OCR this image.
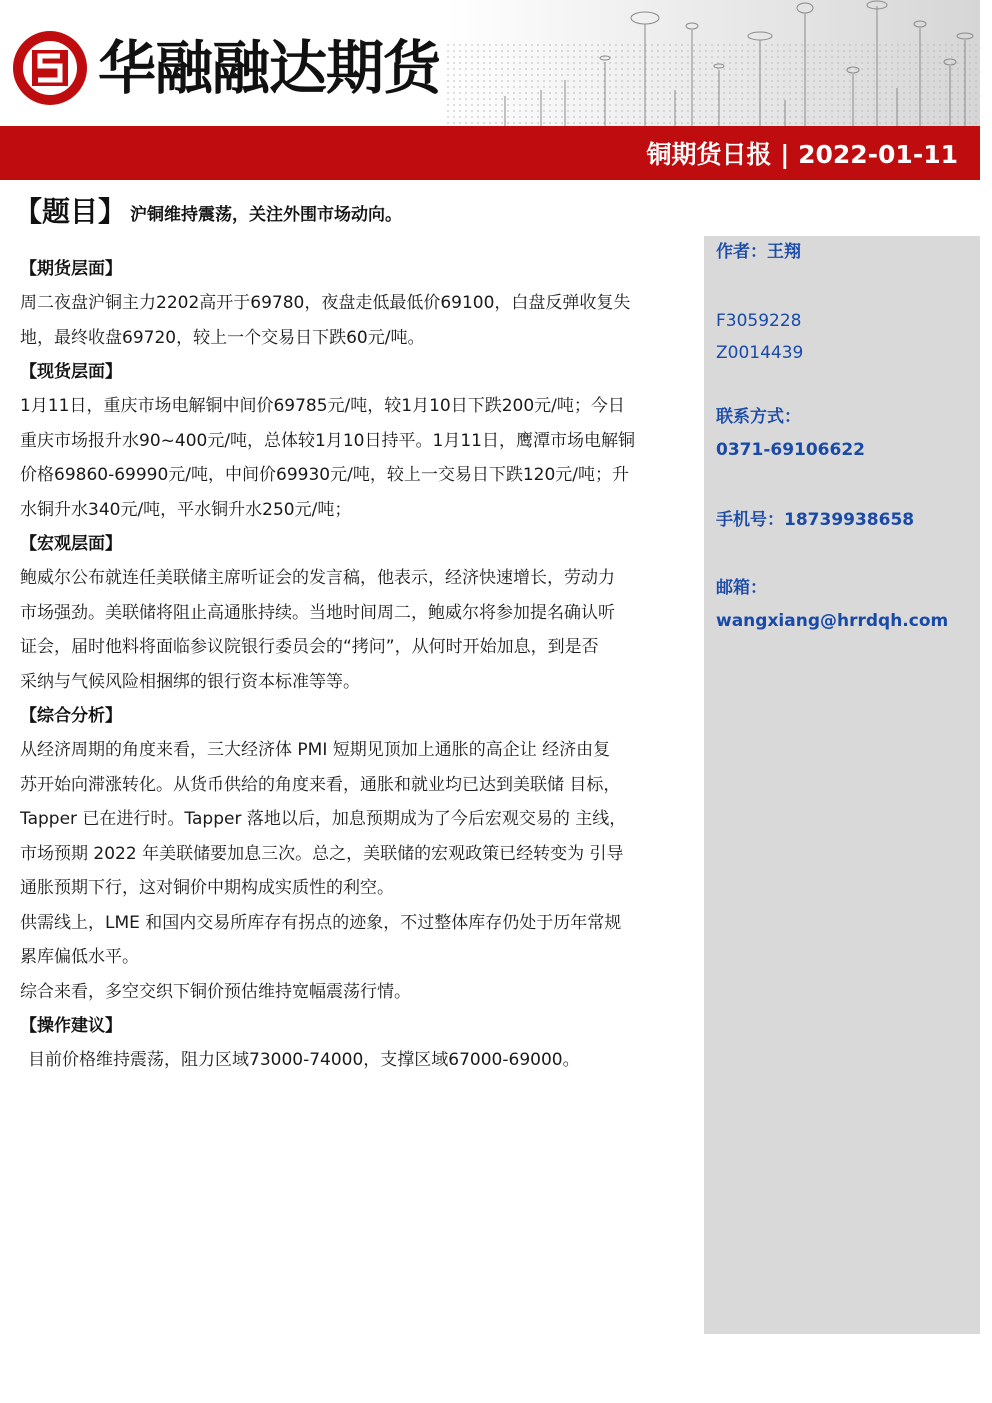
华融融达期货
铜期货日报 | 2022-01-11
【题目】 沪铜维持震荡，关注外围市场动向。
【期货层面】

周二夜盘沪铜主力2202高开于69780，夜盘走低最低价69100，白盘反弹收复失

地，最终收盘69720，较上一个交易日下跌60元/吨。

【现货层面】

1月11日，重庆市场电解铜中间价69785元/吨，较1月10日下跌200元/吨；今日

重庆市场报升水90~400元/吨，总体较1月10日持平。1月11日，鹰潭市场电解铜

价格69860-69990元/吨，中间价69930元/吨，较上一交易日下跌120元/吨；升

水铜升水340元/吨，平水铜升水250元/吨；

【宏观层面】

鲍威尔公布就连任美联储主席听证会的发言稿，他表示，经济快速增长，劳动力

市场强劲。美联储将阻止高通胀持续。当地时间周二，鲍威尔将参加提名确认听

证会，届时他料将面临参议院银行委员会的“拷问”，从何时开始加息，到是否

采纳与气候风险相捆绑的银行资本标准等等。

【综合分析】

从经济周期的角度来看，三大经济体 PMI 短期见顶加上通胀的高企让 经济由复

苏开始向滞涨转化。从货币供给的角度来看，通胀和就业均已达到美联储 目标，

Tapper 已在进行时。Tapper 落地以后，加息预期成为了今后宏观交易的 主线，

市场预期 2022 年美联储要加息三次。总之，美联储的宏观政策已经转变为 引导

通胀预期下行，这对铜价中期构成实质性的利空。

供需线上，LME 和国内交易所库存有拐点的迹象，不过整体库存仍处于历年常规

累库偏低水平。

综合来看，多空交织下铜价预估维持宽幅震荡行情。

【操作建议】

目前价格维持震荡，阻力区域73000-74000，支撑区域67000-69000。

作者：王翔
F3059228
Z0014439
联系方式：
0371-69106622
手机号：18739938658
邮箱：
wangxiang@hrrdqh.com
